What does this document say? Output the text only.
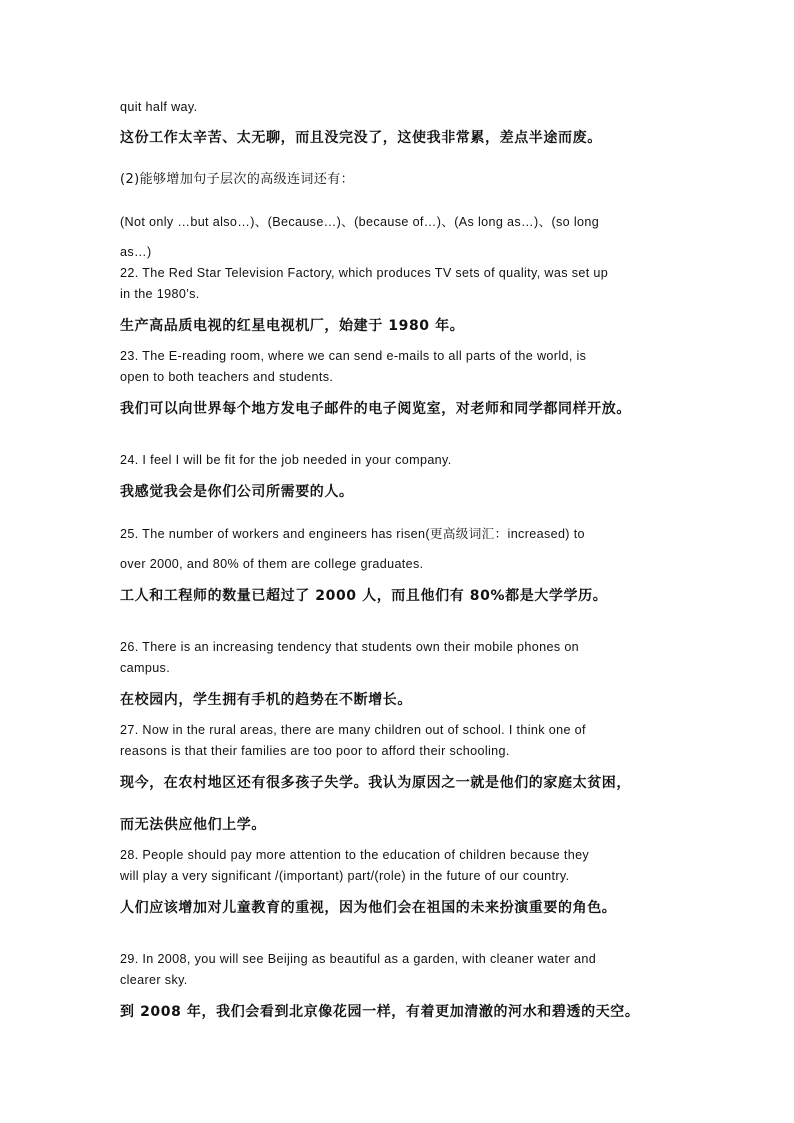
quit half way.

这份工作太辛苦、太无聊，而且没完没了，这使我非常累，差点半途而废。

(2)能够增加句子层次的高级连词还有：

(Not only …but also…)、(Because…)、(because of…)、(As long as…)、(so long

as…)

22. The Red Star Television Factory, which produces TV sets of quality, was set up

in the 1980’s.

生产高品质电视的红星电视机厂，始建于 1980 年。

23. The E-reading room, where we can send e-mails to all parts of the world, is

open to both teachers and students.

我们可以向世界每个地方发电子邮件的电子阅览室，对老师和同学都同样开放。

24. I feel I will be fit for the job needed in your company.

我感觉我会是你们公司所需要的人。

25. The number of workers and engineers has risen(更高级词汇：increased) to

over 2000, and 80% of them are college graduates.

工人和工程师的数量已超过了 2000 人，而且他们有 80%都是大学学历。

26. There is an increasing tendency that students own their mobile phones on

campus.

在校园内，学生拥有手机的趋势在不断增长。

27. Now in the rural areas, there are many children out of school. I think one of

reasons is that their families are too poor to afford their schooling.

现今，在农村地区还有很多孩子失学。我认为原因之一就是他们的家庭太贫困，

而无法供应他们上学。

28. People should pay more attention to the education of children because they

will play a very significant /(important) part/(role) in the future of our country.

人们应该增加对儿童教育的重视，因为他们会在祖国的未来扮演重要的角色。

29. In 2008, you will see Beijing as beautiful as a garden, with cleaner water and

clearer sky.

到 2008 年，我们会看到北京像花园一样，有着更加清澈的河水和碧透的天空。
